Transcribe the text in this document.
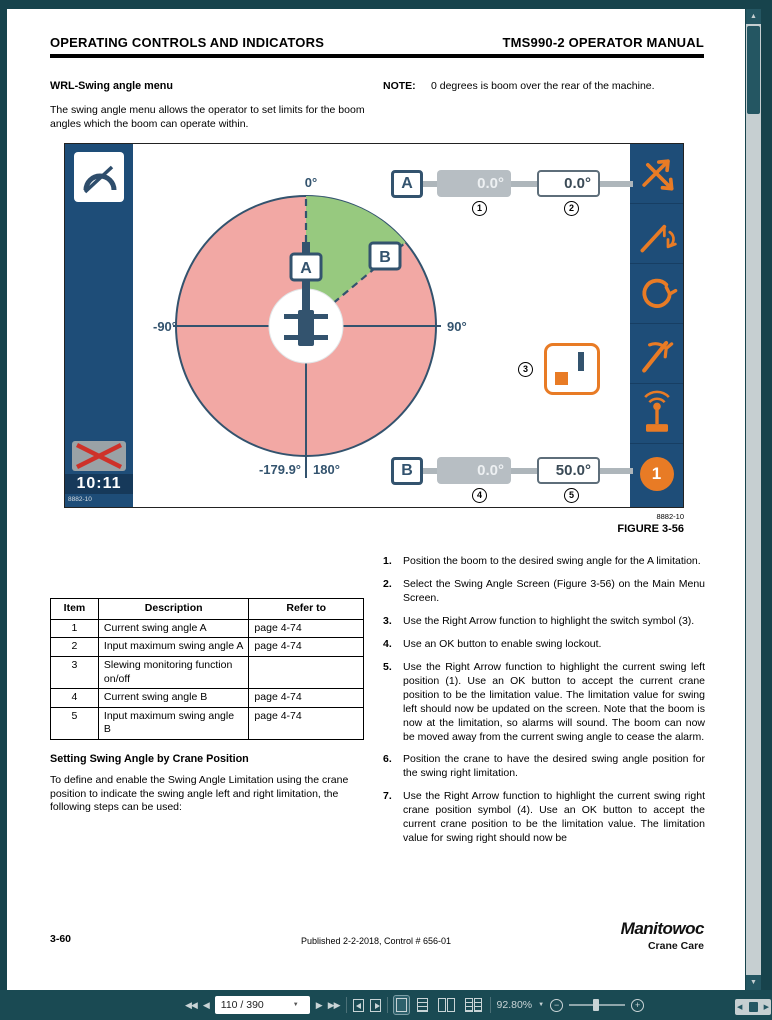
OPERATING CONTROLS AND INDICATORS	TMS990-2 OPERATOR MANUAL
WRL-Swing angle menu

The swing angle menu allows the operator to set limits for the boom angles which the boom can operate within.

NOTE:	0 degrees is boom over the rear of the machine.
10:11
8882-10
A
B
0°
-90°	90°
-179.9° 180°
A	0.0°	0.0°
1	2
3
B	0.0°	50.0°
4	5
1
8882-10
FIGURE 3-56
Item	Description	Refer to
1	Current swing angle A	page 4-74
2	Input maximum swing angle A	page 4-74
3	Slewing monitoring function on/off	
4	Current swing angle B	page 4-74
5	Input maximum swing angle B	page 4-74
Setting Swing Angle by Crane Position

To define and enable the Swing Angle Limitation using the crane position to indicate the swing angle left and right limitation, the following steps can be used:

1.	Position the boom to the desired swing angle for the A limitation.
2.	Select the Swing Angle Screen (Figure 3-56) on the Main Menu Screen.
3.	Use the Right Arrow function to highlight the switch symbol (3).
4.	Use an OK button to enable swing lockout.
5.	Use the Right Arrow function to highlight the current swing left position (1). Use an OK button to accept the current crane position to be the limitation value. The limitation value for swing left should now be updated on the screen. Note that the boom is now at the limitation, so alarms will sound. The boom can now be moved away from the current swing angle to cease the alarm.
6.	Position the crane to have the desired swing angle position for the swing right limitation.
7.	Use the Right Arrow function to highlight the current swing right crane position symbol (4). Use an OK button to accept the current crane position to be the limitation value. The limitation value for swing right should now be
3-60	Published 2-2-2018, Control # 656-01
Manitowoc
Crane Care
▲
▼
◀◀ ◀
110 / 390	▼ ▶ ▶▶	92.80% ▼	−	+	◀	▶
